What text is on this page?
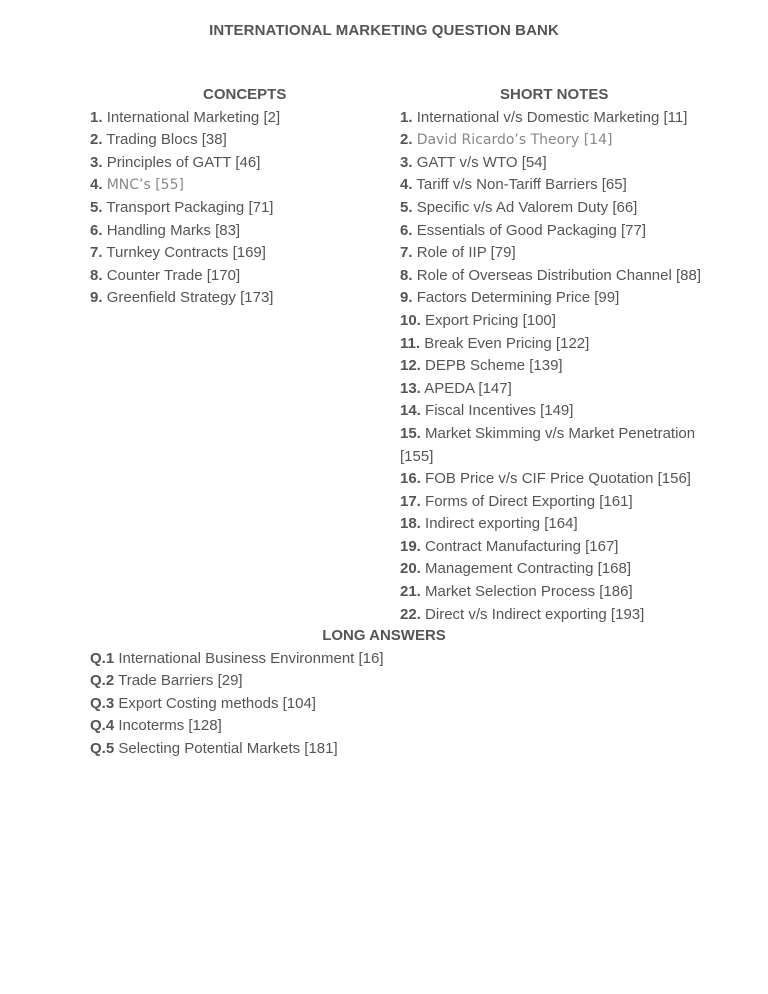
INTERNATIONAL MARKETING QUESTION BANK
CONCEPTS
1. International Marketing [2]
2. Trading Blocs [38]
3. Principles of GATT [46]
4. MNC’s [55]
5. Transport Packaging [71]
6. Handling Marks [83]
7. Turnkey Contracts [169]
8. Counter Trade [170]
9. Greenfield Strategy [173]
SHORT NOTES
1. International v/s Domestic Marketing [11]
2. David Ricardo’s Theory [14]
3. GATT v/s WTO [54]
4. Tariff v/s Non-Tariff Barriers [65]
5. Specific v/s Ad Valorem Duty [66]
6. Essentials of Good Packaging [77]
7. Role of IIP [79]
8. Role of Overseas Distribution Channel [88]
9. Factors Determining Price [99]
10. Export Pricing [100]
11. Break Even Pricing [122]
12. DEPB Scheme [139]
13. APEDA [147]
14. Fiscal Incentives [149]
15. Market Skimming v/s Market Penetration [155]
16. FOB Price v/s CIF Price Quotation [156]
17. Forms of Direct Exporting [161]
18. Indirect exporting [164]
19. Contract Manufacturing [167]
20. Management Contracting [168]
21. Market Selection Process [186]
22. Direct v/s Indirect exporting [193]
LONG ANSWERS
Q.1 International Business Environment [16]
Q.2 Trade Barriers [29]
Q.3 Export Costing methods [104]
Q.4 Incoterms [128]
Q.5 Selecting Potential Markets [181]
